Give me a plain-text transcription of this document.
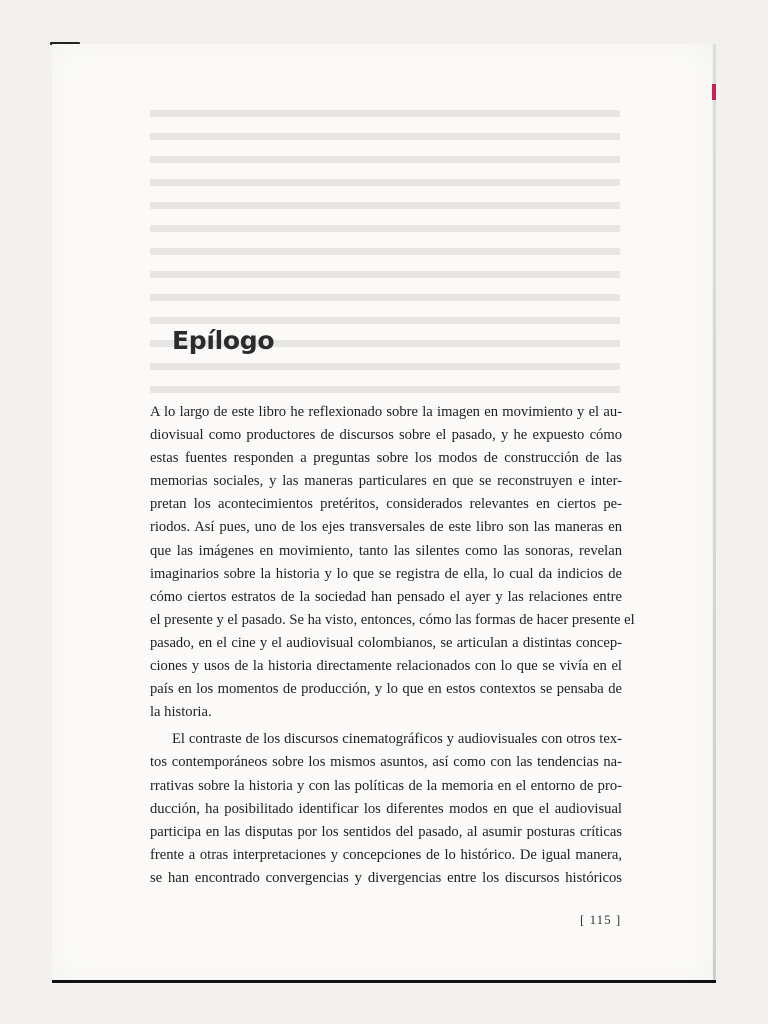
Epílogo
A lo largo de este libro he reflexionado sobre la imagen en movimiento y el au-
diovisual como productores de discursos sobre el pasado, y he expuesto cómo
estas fuentes responden a preguntas sobre los modos de construcción de las
memorias sociales, y las maneras particulares en que se reconstruyen e inter-
pretan los acontecimientos pretéritos, considerados relevantes en ciertos pe-
riodos. Así pues, uno de los ejes transversales de este libro son las maneras en
que las imágenes en movimiento, tanto las silentes como las sonoras, revelan
imaginarios sobre la historia y lo que se registra de ella, lo cual da indicios de
cómo ciertos estratos de la sociedad han pensado el ayer y las relaciones entre
el presente y el pasado. Se ha visto, entonces, cómo las formas de hacer presente el
pasado, en el cine y el audiovisual colombianos, se articulan a distintas concep-
ciones y usos de la historia directamente relacionados con lo que se vivía en el
país en los momentos de producción, y lo que en estos contextos se pensaba de
la historia.
El contraste de los discursos cinematográficos y audiovisuales con otros tex-
tos contemporáneos sobre los mismos asuntos, así como con las tendencias na-
rrativas sobre la historia y con las políticas de la memoria en el entorno de pro-
ducción, ha posibilitado identificar los diferentes modos en que el audiovisual
participa en las disputas por los sentidos del pasado, al asumir posturas críticas
frente a otras interpretaciones y concepciones de lo histórico. De igual manera,
se han encontrado convergencias y divergencias entre los discursos históricos
[ 115 ]
